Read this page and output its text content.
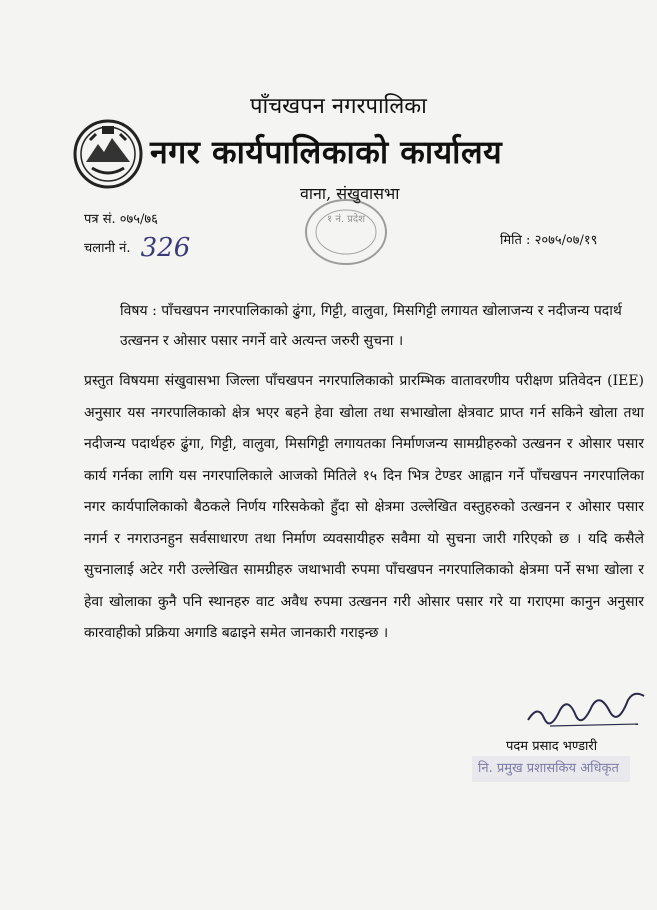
पाँचखपन नगरपालिका
नगर कार्यपालिकाको कार्यालय
वाना, संखुवासभा
१ नं. प्रदेश
पत्र सं. ०७५/७६
चलानी नं. 326	मिति : २०७५/०७/१९
विषय : पाँचखपन नगरपालिकाको ढुंगा, गिट्टी, वालुवा, मिसगिट्टी लगायत खोलाजन्य र नदीजन्य पदार्थ उत्खनन र ओसार पसार नगर्ने वारे अत्यन्त जरुरी सुचना ।
प्रस्तुत विषयमा संखुवासभा जिल्ला पाँचखपन नगरपालिकाको प्रारम्भिक वातावरणीय परीक्षण प्रतिवेदन (IEE) अनुसार यस नगरपालिकाको क्षेत्र भएर बहने हेवा खोला तथा सभाखोला क्षेत्रवाट प्राप्त गर्न सकिने खोला तथा नदीजन्य पदार्थहरु ढुंगा, गिट्टी, वालुवा, मिसगिट्टी लगायतका निर्माणजन्य सामग्रीहरुको उत्खनन र ओसार पसार कार्य गर्नका लागि यस नगरपालिकाले आजको मितिले १५ दिन भित्र टेण्डर आह्वान गर्ने पाँचखपन नगरपालिका नगर कार्यपालिकाको बैठकले निर्णय गरिसकेको हुँदा सो क्षेत्रमा उल्लेखित वस्तुहरुको उत्खनन र ओसार पसार नगर्न र नगराउनहुन सर्वसाधारण तथा निर्माण व्यवसायीहरु सवैमा यो सुचना जारी गरिएको छ । यदि कसैले सुचनालाई अटेर गरी उल्लेखित सामग्रीहरु जथाभावी रुपमा पाँचखपन नगरपालिकाको क्षेत्रमा पर्ने सभा खोला र हेवा खोलाका कुनै पनि स्थानहरु वाट अवैध रुपमा उत्खनन गरी ओसार पसार गरे या गराएमा कानुन अनुसार कारवाहीको प्रक्रिया अगाडि बढाइने समेत जानकारी गराइन्छ ।
पदम प्रसाद भण्डारी
नि. प्रमुख प्रशासकिय अधिकृत
